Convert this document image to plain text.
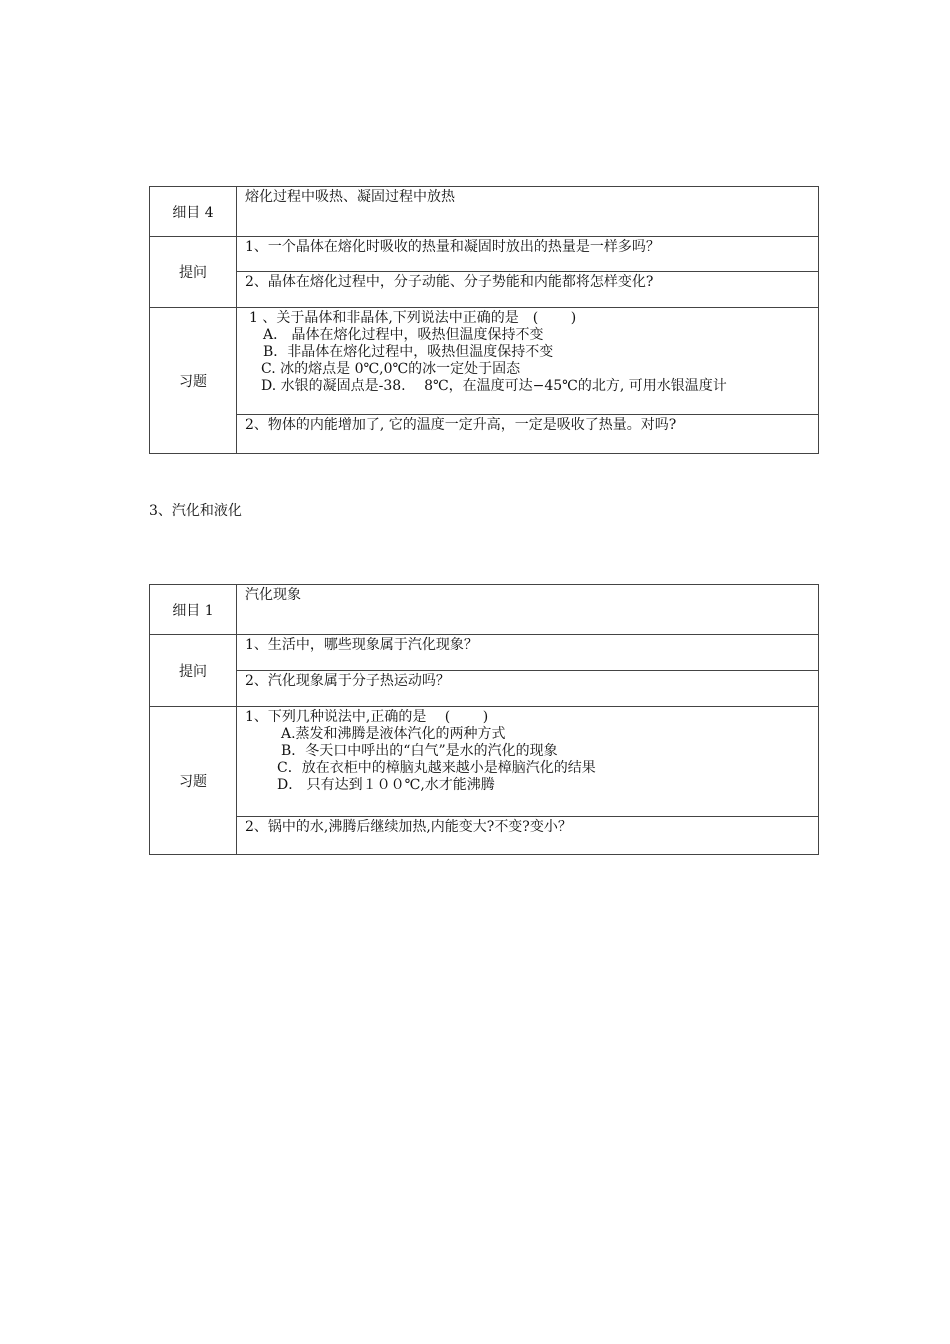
细目 4	熔化过程中吸热、凝固过程中放热

提问	1、一个晶体在熔化时吸收的热量和凝固时放出的热量是一样多吗？

	2、晶体在熔化过程中，分子动能、分子势能和内能都将怎样变化?

习题	1 、关于晶体和非晶体,下列说法中正确的是　(　　 )
A． 晶体在熔化过程中，吸热但温度保持不变
B．非晶体在熔化过程中，吸热但温度保持不变
C. 冰的熔点是 0℃,0℃的冰一定处于固态
D. 水银的凝固点是-38.　 8℃，在温度可达−45℃的北方, 可用水银温度计

	2、物体的内能增加了, 它的温度一定升高，一定是吸收了热量。对吗?
3、汽化和液化
细目 1	汽化现象

提问	1、生活中，哪些现象属于汽化现象？

	2、汽化现象属于分子热运动吗？

习题	1、下列几种说法中,正确的是　 (　　 )
A.蒸发和沸腾是液体汽化的两种方式
B．冬天口中呼出的“白气”是水的汽化的现象
C．放在衣柜中的樟脑丸越来越小是樟脑汽化的结果
D． 只有达到１００℃,水才能沸腾

	2、锅中的水,沸腾后继续加热,内能变大?不变?变小？
